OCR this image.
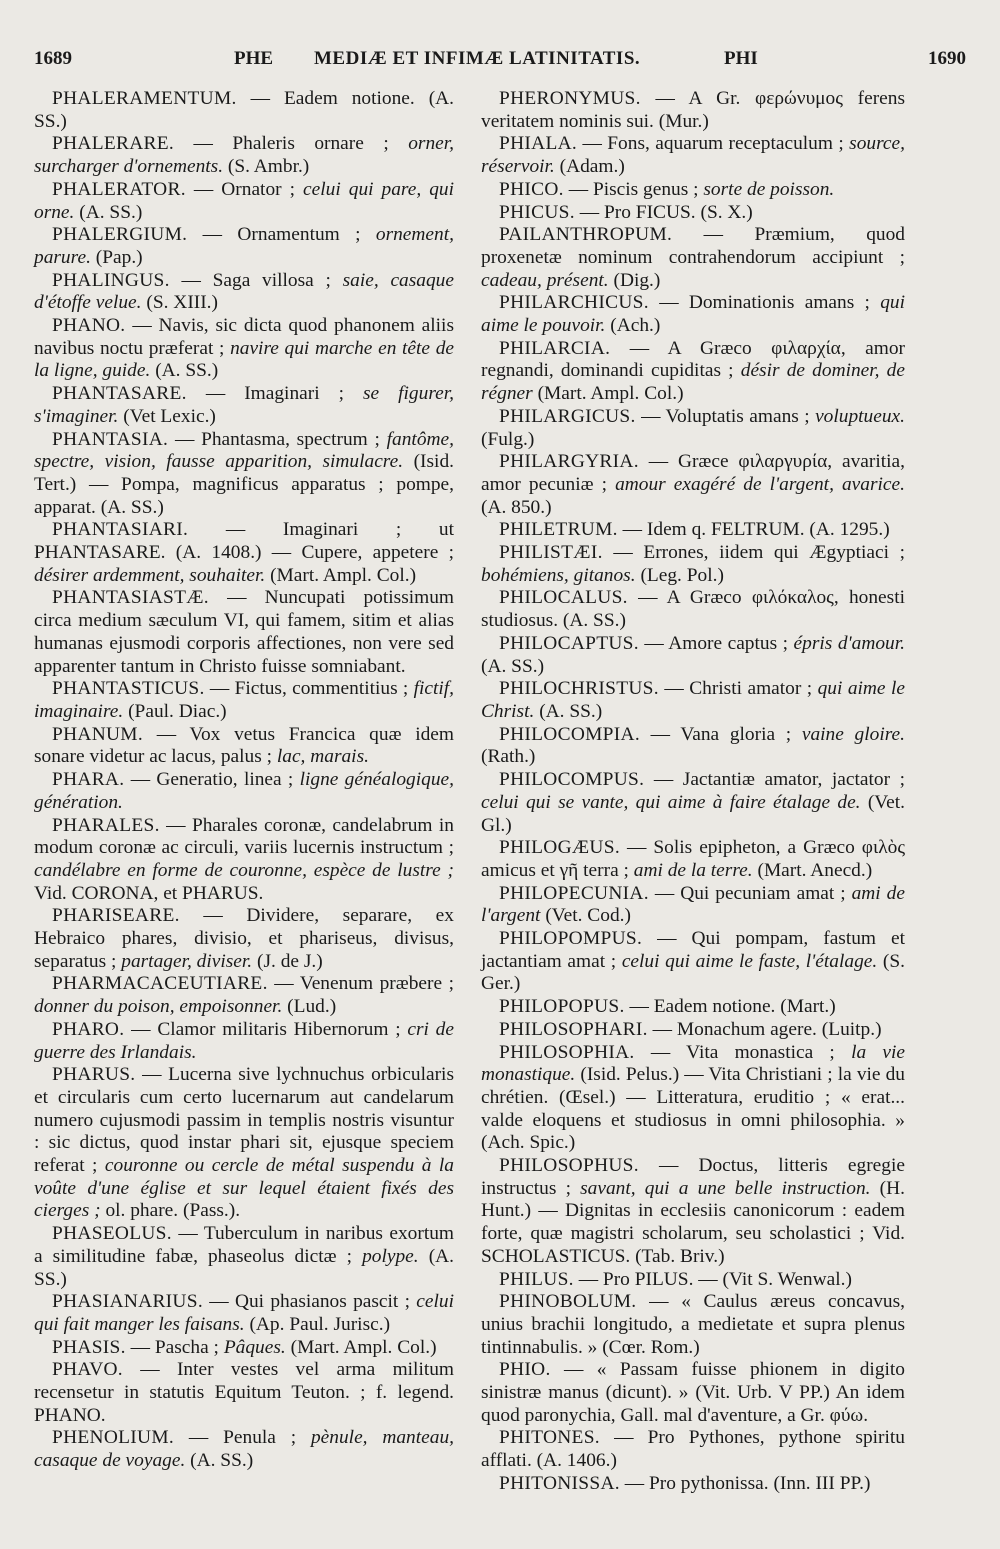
1689	PHE MEDIÆ ET INFIMÆ LATINITATIS.	PHI	1690

PHALERAMENTUM. — Eadem notione. (A. SS.)

PHALERARE. — Phaleris ornare ; orner, surcharger d'ornements. (S. Ambr.)

PHALERATOR. — Ornator ; celui qui pare, qui orne. (A. SS.)

PHALERGIUM. — Ornamentum ; ornement, parure. (Pap.)

PHALINGUS. — Saga villosa ; saie, casaque d'étoffe velue. (S. XIII.)

PHANO. — Navis, sic dicta quod phanonem aliis navibus noctu præferat ; navire qui marche en tête de la ligne, guide. (A. SS.)

PHANTASARE. — Imaginari ; se figurer, s'imaginer. (Vet Lexic.)

PHANTASIA. — Phantasma, spectrum ; fantôme, spectre, vision, fausse apparition, simulacre. (Isid. Tert.) — Pompa, magnificus apparatus ; pompe, apparat. (A. SS.)

PHANTASIARI. — Imaginari ; ut PHANTASARE. (A. 1408.) — Cupere, appetere ; désirer ardemment, souhaiter. (Mart. Ampl. Col.)

PHANTASIASTÆ. — Nuncupati potissimum circa medium sæculum VI, qui famem, sitim et alias humanas ejusmodi corporis affectiones, non vere sed apparenter tantum in Christo fuisse somniabant.

PHANTASTICUS. — Fictus, commentitius ; fictif, imaginaire. (Paul. Diac.)

PHANUM. — Vox vetus Francica quæ idem sonare videtur ac lacus, palus ; lac, marais.

PHARA. — Generatio, linea ; ligne généalogique, génération.

PHARALES. — Pharales coronæ, candelabrum in modum coronæ ac circuli, variis lucernis instructum ; candélabre en forme de couronne, espèce de lustre ; Vid. CORONA, et PHARUS.

PHARISEARE. — Dividere, separare, ex Hebraico phares, divisio, et phariseus, divisus, separatus ; partager, diviser. (J. de J.)

PHARMACACEUTIARE. — Venenum præbere ; donner du poison, empoisonner. (Lud.)

PHARO. — Clamor militaris Hibernorum ; cri de guerre des Irlandais.

PHARUS. — Lucerna sive lychnuchus orbicularis et circularis cum certo lucernarum aut candelarum numero cujusmodi passim in templis nostris visuntur : sic dictus, quod instar phari sit, ejusque speciem referat ; couronne ou cercle de métal suspendu à la voûte d'une église et sur lequel étaient fixés des cierges ; ol. phare. (Pass.).

PHASEOLUS. — Tuberculum in naribus exortum a similitudine fabæ, phaseolus dictæ ; polype. (A. SS.)

PHASIANARIUS. — Qui phasianos pascit ; celui qui fait manger les faisans. (Ap. Paul. Jurisc.)

PHASIS. — Pascha ; Pâques. (Mart. Ampl. Col.)

PHAVO. — Inter vestes vel arma militum recensetur in statutis Equitum Teuton. ; f. legend. PHANO.

PHENOLIUM. — Penula ; pènule, manteau, casaque de voyage. (A. SS.)

PHERONYMUS. — A Gr. φερώνυμος ferens veritatem nominis sui. (Mur.)

PHIALA. — Fons, aquarum receptaculum ; source, réservoir. (Adam.)

PHICO. — Piscis genus ; sorte de poisson.

PHICUS. — Pro FICUS. (S. X.)

PAILANTHROPUM. — Præmium, quod proxenetæ nominum contrahendorum accipiunt ; cadeau, présent. (Dig.)

PHILARCHICUS. — Dominationis amans ; qui aime le pouvoir. (Ach.)

PHILARCIA. — A Græco φιλαρχία, amor regnandi, dominandi cupiditas ; désir de dominer, de régner (Mart. Ampl. Col.)

PHILARGICUS. — Voluptatis amans ; voluptueux. (Fulg.)

PHILARGYRIA. — Græce φιλαργυρία, avaritia, amor pecuniæ ; amour exagéré de l'argent, avarice. (A. 850.)

PHILETRUM. — Idem q. FELTRUM. (A. 1295.)

PHILISTÆI. — Errones, iidem qui Ægyptiaci ; bohémiens, gitanos. (Leg. Pol.)

PHILOCALUS. — A Græco φιλόκαλος, honesti studiosus. (A. SS.)

PHILOCAPTUS. — Amore captus ; épris d'amour. (A. SS.)

PHILOCHRISTUS. — Christi amator ; qui aime le Christ. (A. SS.)

PHILOCOMPIA. — Vana gloria ; vaine gloire. (Rath.)

PHILOCOMPUS. — Jactantiæ amator, jactator ; celui qui se vante, qui aime à faire étalage de. (Vet. Gl.)

PHILOGÆUS. — Solis epipheton, a Græco φιλὸς amicus et γῆ terra ; ami de la terre. (Mart. Anecd.)

PHILOPECUNIA. — Qui pecuniam amat ; ami de l'argent (Vet. Cod.)

PHILOPOMPUS. — Qui pompam, fastum et jactantiam amat ; celui qui aime le faste, l'étalage. (S. Ger.)

PHILOPOPUS. — Eadem notione. (Mart.)

PHILOSOPHARI. — Monachum agere. (Luitp.)

PHILOSOPHIA. — Vita monastica ; la vie monastique. (Isid. Pelus.) — Vita Christiani ; la vie du chrétien. (Œsel.) — Litteratura, eruditio ; « erat... valde eloquens et studiosus in omni philosophia. » (Ach. Spic.)

PHILOSOPHUS. — Doctus, litteris egregie instructus ; savant, qui a une belle instruction. (H. Hunt.) — Dignitas in ecclesiis canonicorum : eadem forte, quæ magistri scholarum, seu scholastici ; Vid. SCHOLASTICUS. (Tab. Briv.)

PHILUS. — Pro PILUS. — (Vit S. Wenwal.)

PHINOBOLUM. — « Caulus æreus concavus, unius brachii longitudo, a medietate et supra plenus tintinnabulis. » (Cœr. Rom.)

PHIO. — « Passam fuisse phionem in digito sinistræ manus (dicunt). » (Vit. Urb. V PP.) An idem quod paronychia, Gall. mal d'aventure, a Gr. φύω.

PHITONES. — Pro Pythones, pythone spiritu afflati. (A. 1406.)

PHITONISSA. — Pro pythonissa. (Inn. III PP.)
